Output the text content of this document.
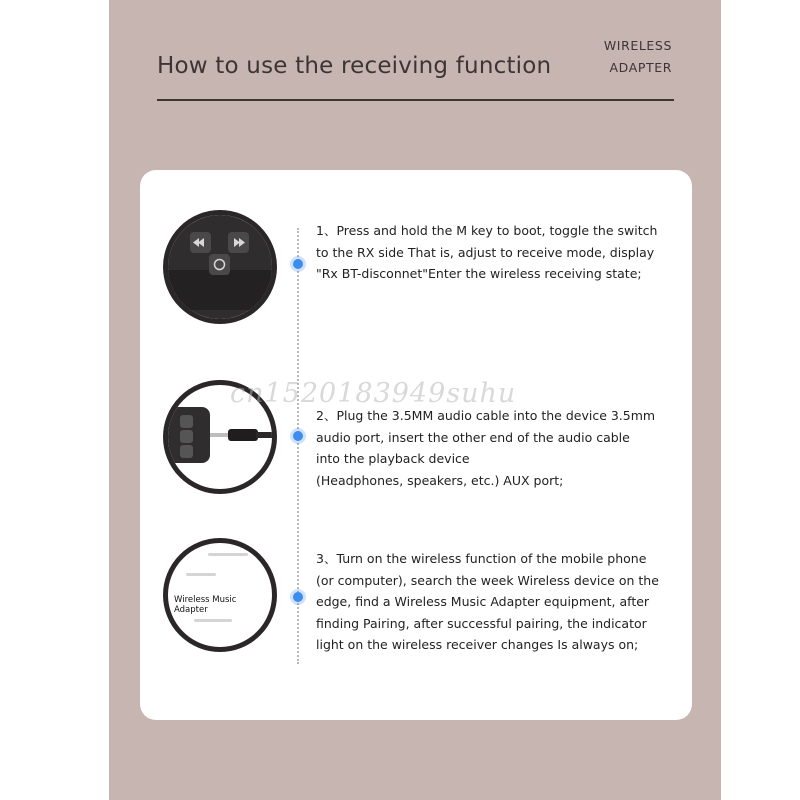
How to use the receiving function
WIRELESS
ADAPTER
1、Press and hold the M key to boot, toggle the switch
to the RX side That is, adjust to receive mode, display
"Rx BT-disconnet"Enter the wireless receiving state;
2、Plug the 3.5MM audio cable into the device 3.5mm
audio port, insert the other end of the audio cable
into the playback device
(Headphones, speakers, etc.) AUX port;
Wireless Music Adapter
3、Turn on the wireless function of the mobile phone
(or computer), search the week Wireless device on the
edge, find a Wireless Music Adapter equipment, after
finding Pairing, after successful pairing, the indicator
light on the wireless receiver changes Is always on;
cn1520183949suhu
